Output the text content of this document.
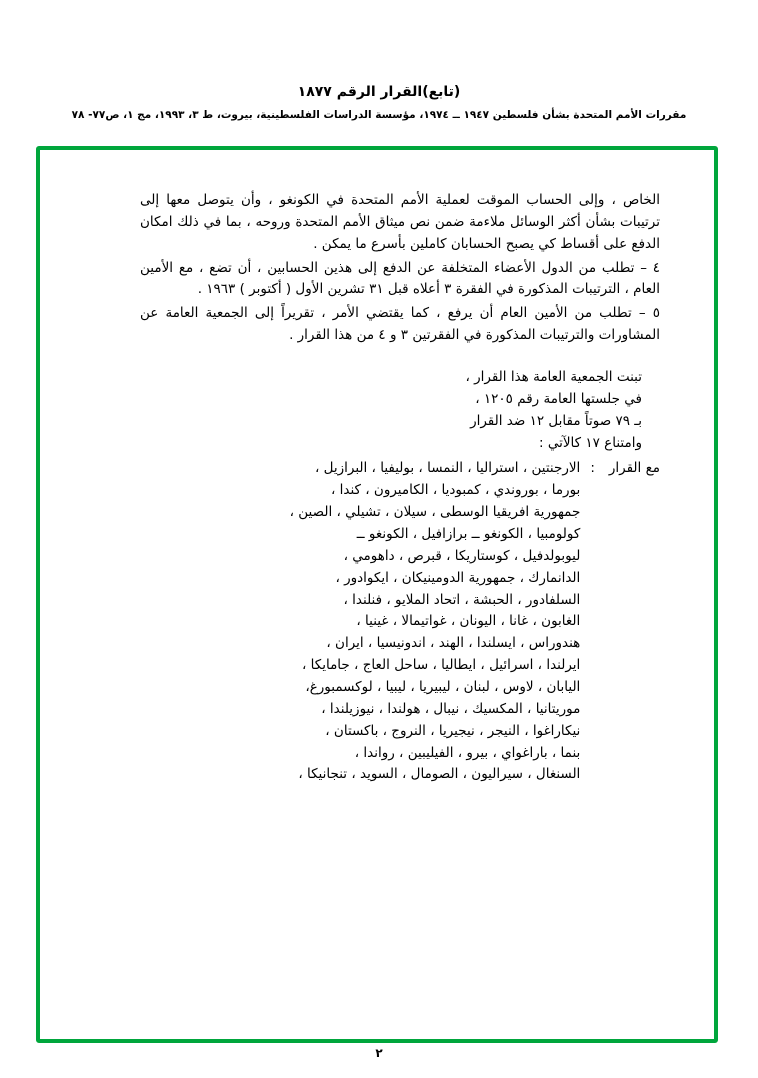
(تابع)القرار الرقم ١٨٧٧
مقررات الأمم المتحدة بشأن فلسطين ١٩٤٧ ــ ١٩٧٤، مؤسسة الدراسات الفلسطينية، بيروت، ط ٣، ١٩٩٣، مج ١، ص٧٧- ٧٨

الخاص ، وإلى الحساب الموقت لعملية الأمم المتحدة في الكونغو ، وأن يتوصل معها إلى ترتيبات بشأن أكثر الوسائل ملاءمة ضمن نص ميثاق الأمم المتحدة وروحه ، بما في ذلك امكان الدفع على أقساط كي يصبح الحسابان كاملين بأسرع ما يمكن .

٤ – تطلب من الدول الأعضاء المتخلفة عن الدفع إلى هذين الحسابين ، أن تضع ، مع الأمين العام ، الترتيبات المذكورة في الفقرة ٣ أعلاه قبل ٣١ تشرين الأول ( أكتوبر ) ١٩٦٣ .

٥ – تطلب من الأمين العام أن يرفع ، كما يقتضي الأمر ، تقريراً إلى الجمعية العامة عن المشاورات والترتيبات المذكورة في الفقرتين ٣ و ٤ من هذا القرار .

تبنت الجمعية العامة هذا القرار ،
في جلستها العامة رقم ١٢٠٥ ،
بـ ٧٩ صوتاً مقابل ١٢ ضد القرار
وامتناع ١٧ كالآتي :
مع القرار
:
الارجنتين ، استراليا ، النمسا ، بوليفيا ، البرازيل ،
بورما ، بوروندي ، كمبوديا ، الكاميرون ، كندا ،
جمهورية افريقيا الوسطى ، سيلان ، تشيلي ، الصين ،
كولومبيا ، الكونغو ــ برازافيل ، الكونغو ــ
ليوبولدفيل ، كوستاريكا ، قبرص ، داهومي ،
الدانمارك ، جمهورية الدومينيكان ، ايكوادور ،
السلفادور ، الحبشة ، اتحاد الملايو ، فنلندا ،
الغابون ، غانا ، اليونان ، غواتيمالا ، غينيا ،
هندوراس ، ايسلندا ، الهند ، اندونيسيا ، ايران ،
ايرلندا ، اسرائيل ، ايطاليا ، ساحل العاج ، جامايكا ،
اليابان ، لاوس ، لبنان ، ليبيريا ، ليبيا ، لوكسمبورغ،
موريتانيا ، المكسيك ، نيبال ، هولندا ، نيوزيلندا ،
نيكاراغوا ، النيجر ، نيجيريا ، النروج ، باكستان ،
بنما ، باراغواي ، بيرو ، الفيليبين ، رواندا ،
السنغال ، سيراليون ، الصومال ، السويد ، تنجانيكا ،
٢
